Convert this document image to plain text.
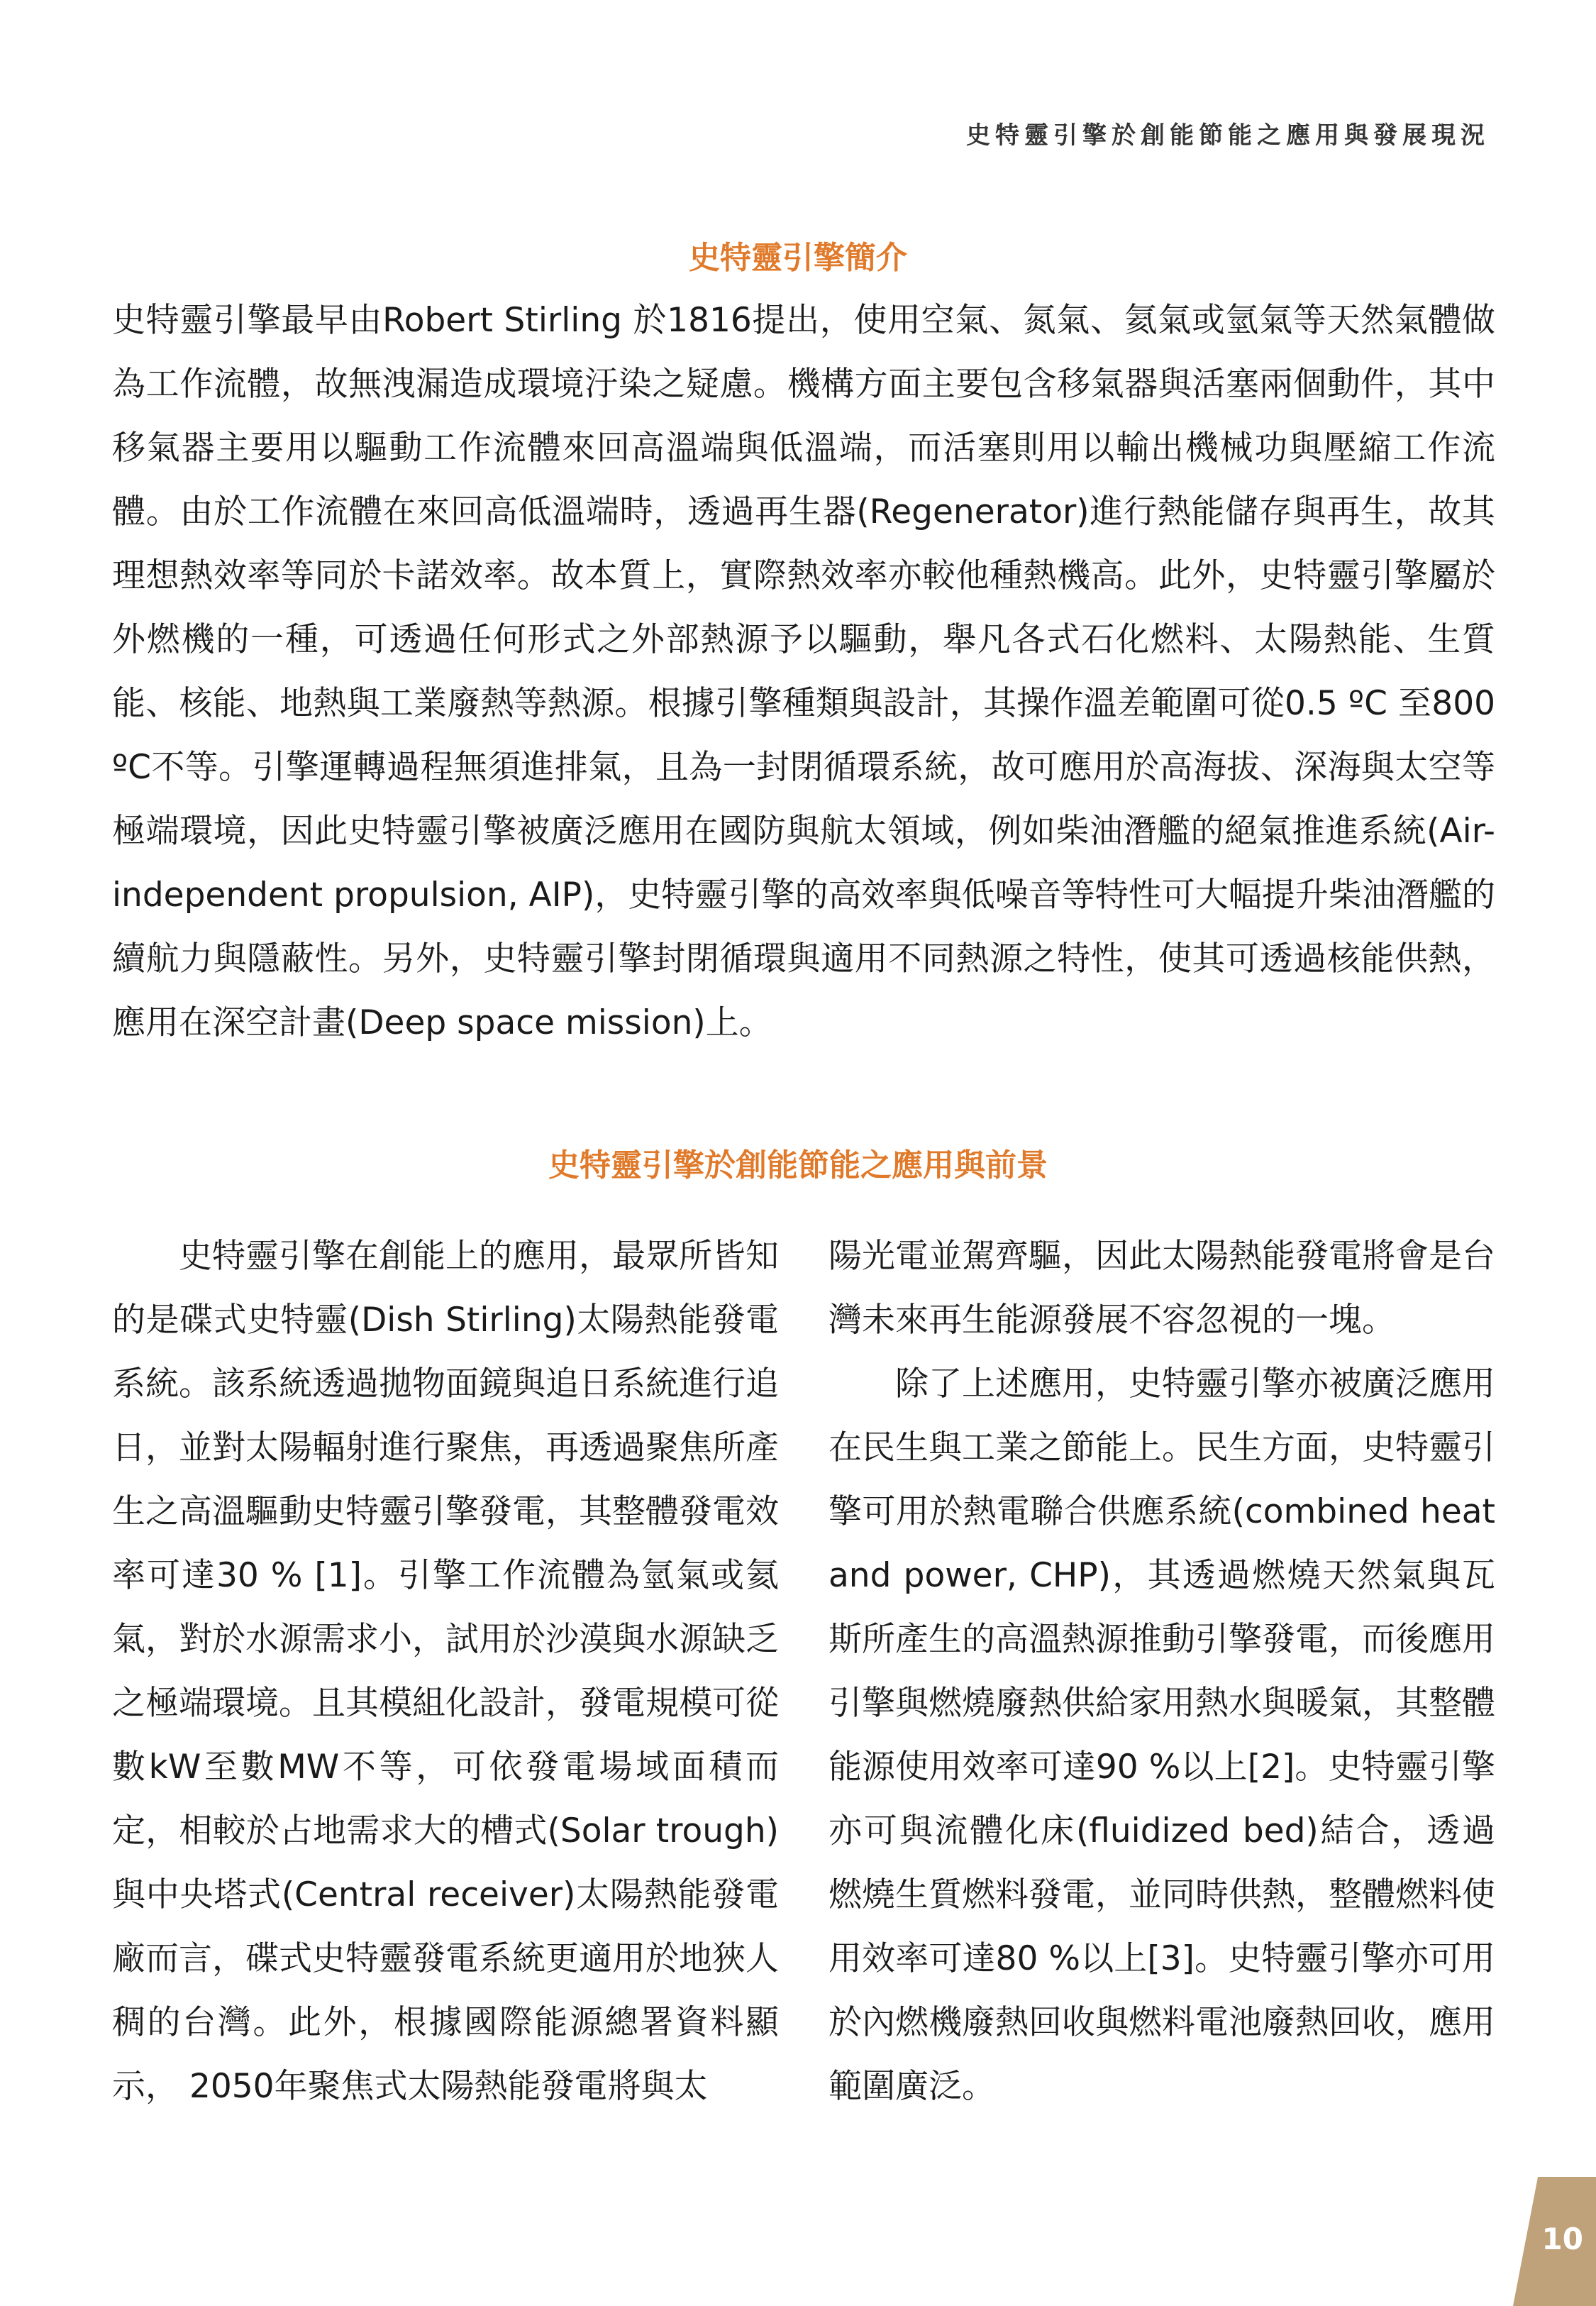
史特靈引擎於創能節能之應用與發展現況
史特靈引擎簡介
史特靈引擎最早由Robert Stirling 於1816提出，使用空氣、氮氣、氦氣或氫氣等天然氣體做為工作流體，故無洩漏造成環境汙染之疑慮。機構方面主要包含移氣器與活塞兩個動件，其中移氣器主要用以驅動工作流體來回高溫端與低溫端，而活塞則用以輸出機械功與壓縮工作流體。由於工作流體在來回高低溫端時，透過再生器(Regenerator)進行熱能儲存與再生，故其理想熱效率等同於卡諾效率。故本質上，實際熱效率亦較他種熱機高。此外，史特靈引擎屬於外燃機的一種，可透過任何形式之外部熱源予以驅動，舉凡各式石化燃料、太陽熱能、生質能、核能、地熱與工業廢熱等熱源。根據引擎種類與設計，其操作溫差範圍可從0.5 ºC 至800 ºC不等。引擎運轉過程無須進排氣，且為一封閉循環系統，故可應用於高海拔、深海與太空等極端環境，因此史特靈引擎被廣泛應用在國防與航太領域，例如柴油潛艦的絕氣推進系統(Air-independent propulsion, AIP)，史特靈引擎的高效率與低噪音等特性可大幅提升柴油潛艦的續航力與隱蔽性。另外，史特靈引擎封閉循環與適用不同熱源之特性，使其可透過核能供熱，應用在深空計畫(Deep space mission)上。
史特靈引擎於創能節能之應用與前景

史特靈引擎在創能上的應用，最眾所皆知的是碟式史特靈(Dish Stirling)太陽熱能發電系統。該系統透過拋物面鏡與追日系統進行追日，並對太陽輻射進行聚焦，再透過聚焦所產生之高溫驅動史特靈引擎發電，其整體發電效率可達30 % [1]。引擎工作流體為氫氣或氦氣，對於水源需求小，試用於沙漠與水源缺乏之極端環境。且其模組化設計，發電規模可從數kW至數MW不等，可依發電場域面積而定，相較於占地需求大的槽式(Solar trough)與中央塔式(Central receiver)太陽熱能發電廠而言，碟式史特靈發電系統更適用於地狹人稠的台灣。此外，根據國際能源總署資料顯示， 2050年聚焦式太陽熱能發電將與太

陽光電並駕齊驅，因此太陽熱能發電將會是台灣未來再生能源發展不容忽視的一塊。

除了上述應用，史特靈引擎亦被廣泛應用在民生與工業之節能上。民生方面，史特靈引擎可用於熱電聯合供應系統(combined heat and power, CHP)，其透過燃燒天然氣與瓦斯所產生的高溫熱源推動引擎發電，而後應用引擎與燃燒廢熱供給家用熱水與暖氣，其整體能源使用效率可達90 %以上[2]。史特靈引擎亦可與流體化床(fluidized bed)結合，透過燃燒生質燃料發電，並同時供熱，整體燃料使用效率可達80 %以上[3]。史特靈引擎亦可用於內燃機廢熱回收與燃料電池廢熱回收，應用範圍廣泛。

10
